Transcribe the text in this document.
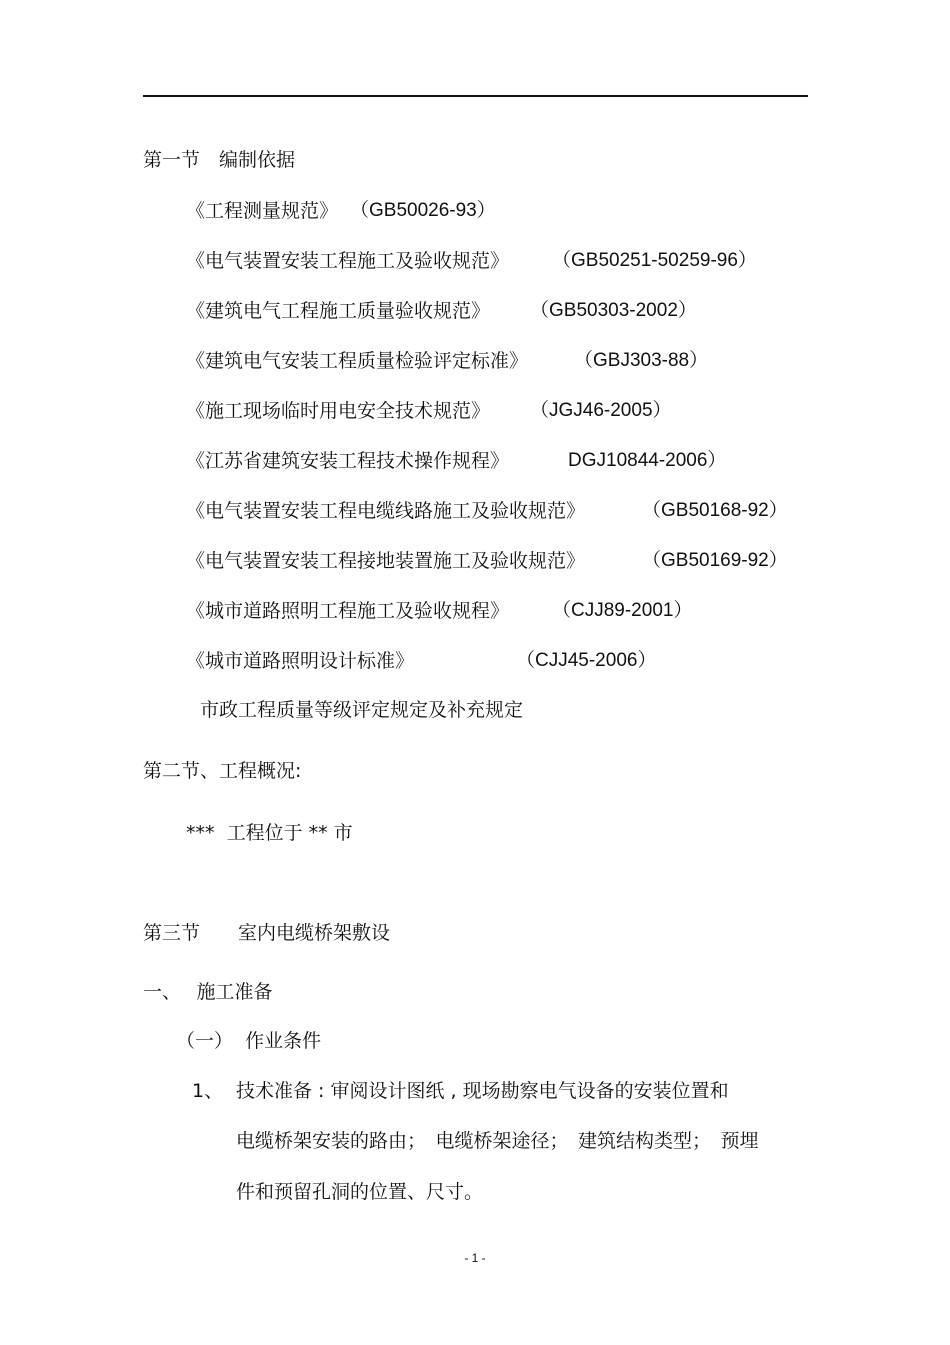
第一节　编制依据
《工程测量规范》 （GB50026-93）
《电气装置安装工程施工及验收规范》 （GB50251-50259-96）
《建筑电气工程施工质量验收规范》 （GB50303-2002）
《建筑电气安装工程质量检验评定标准》 （GBJ303-88）
《施工现场临时用电安全技术规范》 （JGJ46-2005）
《江苏省建筑安装工程技术操作规程》	DGJ10844-2006）
《电气装置安装工程电缆线路施工及验收规范》	（GB50168-92）
《电气装置安装工程接地装置施工及验收规范》	（GB50169-92）
《城市道路照明工程施工及验收规程》 （CJJ89-2001）
《城市道路照明设计标准》	（CJJ45-2006）
市政工程质量等级评定规定及补充规定
第二节、工程概况:
***  工程位于 ** 市
第三节　　室内电缆桥架敷设
一、　 施工准备
（一）  作业条件
1、 技术准备 : 审阅设计图纸 , 现场勘察电气设备的安装位置和
电缆桥架安装的路由；　电缆桥架途径；　建筑结构类型；　预埋
件和预留孔洞的位置、尺寸。
- 1 -
